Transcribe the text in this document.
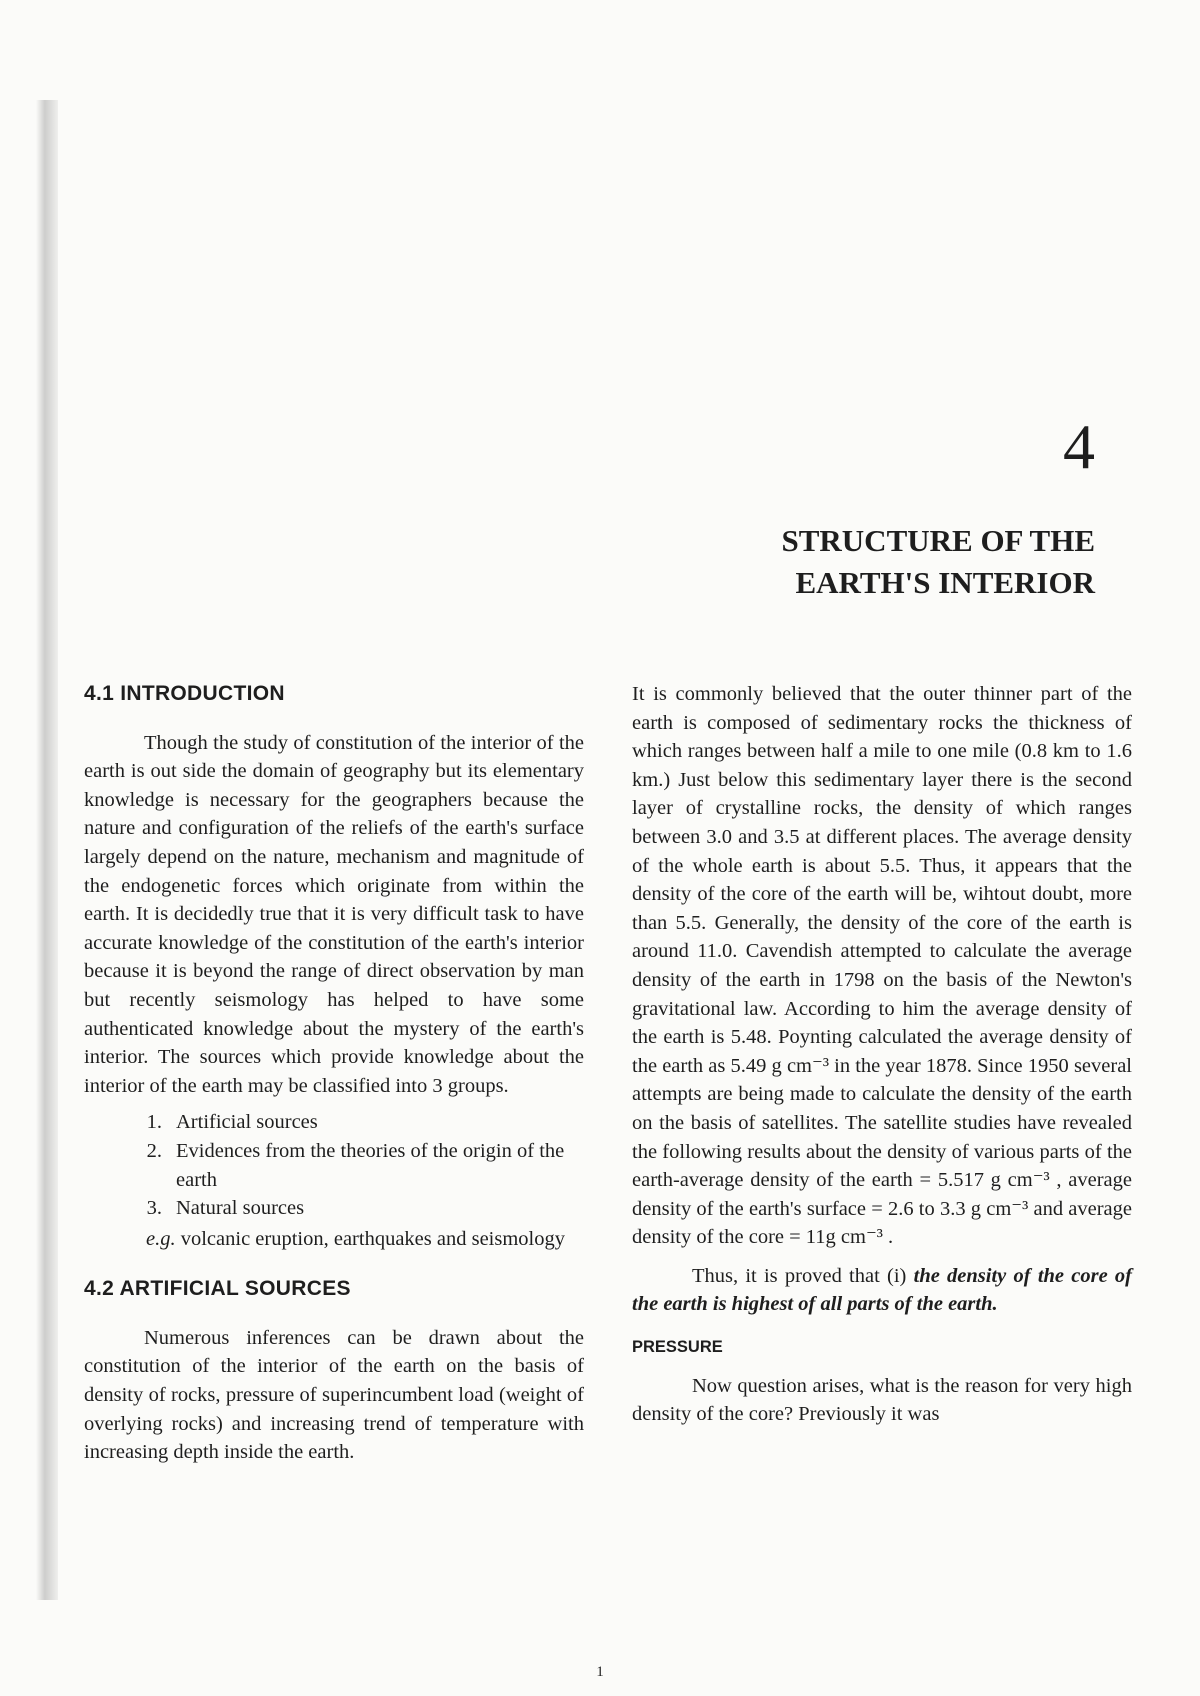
4
STRUCTURE OF THE
EARTH'S INTERIOR
4.1 INTRODUCTION

Though the study of constitution of the interior of the earth is out side the domain of geography but its elementary knowledge is necessary for the geographers because the nature and configuration of the reliefs of the earth's surface largely depend on the nature, mechanism and magnitude of the endogenetic forces which originate from within the earth. It is decidedly true that it is very difficult task to have accurate knowledge of the constitution of the earth's interior because it is beyond the range of direct observation by man but recently seismology has helped to have some authenticated knowledge about the mystery of the earth's interior. The sources which provide knowledge about the interior of the earth may be classified into 3 groups.

1. Artificial sources
2. Evidences from the theories of the origin of the earth
3. Natural sources

e.g. volcanic eruption, earthquakes and seismology

4.2 ARTIFICIAL SOURCES

Numerous inferences can be drawn about the constitution of the interior of the earth on the basis of density of rocks, pressure of superincumbent load (weight of overlying rocks) and increasing trend of temperature with increasing depth inside the earth.

It is commonly believed that the outer thinner part of the earth is composed of sedimentary rocks the thickness of which ranges between half a mile to one mile (0.8 km to 1.6 km.) Just below this sedimentary layer there is the second layer of crystalline rocks, the density of which ranges between 3.0 and 3.5 at different places. The average density of the whole earth is about 5.5. Thus, it appears that the density of the core of the earth will be, wihtout doubt, more than 5.5. Generally, the density of the core of the earth is around 11.0. Cavendish attempted to calculate the average density of the earth in 1798 on the basis of the Newton's gravitational law. According to him the average density of the earth is 5.48. Poynting calculated the average density of the earth as 5.49 g cm⁻³ in the year 1878. Since 1950 several attempts are being made to calculate the density of the earth on the basis of satellites. The satellite studies have revealed the following results about the density of various parts of the earth-average density of the earth = 5.517 g cm⁻³ , average density of the earth's surface = 2.6 to 3.3 g cm⁻³ and average density of the core = 11g cm⁻³ .

Thus, it is proved that (i) the density of the core of the earth is highest of all parts of the earth.

PRESSURE

Now question arises, what is the reason for very high density of the core? Previously it was

1
